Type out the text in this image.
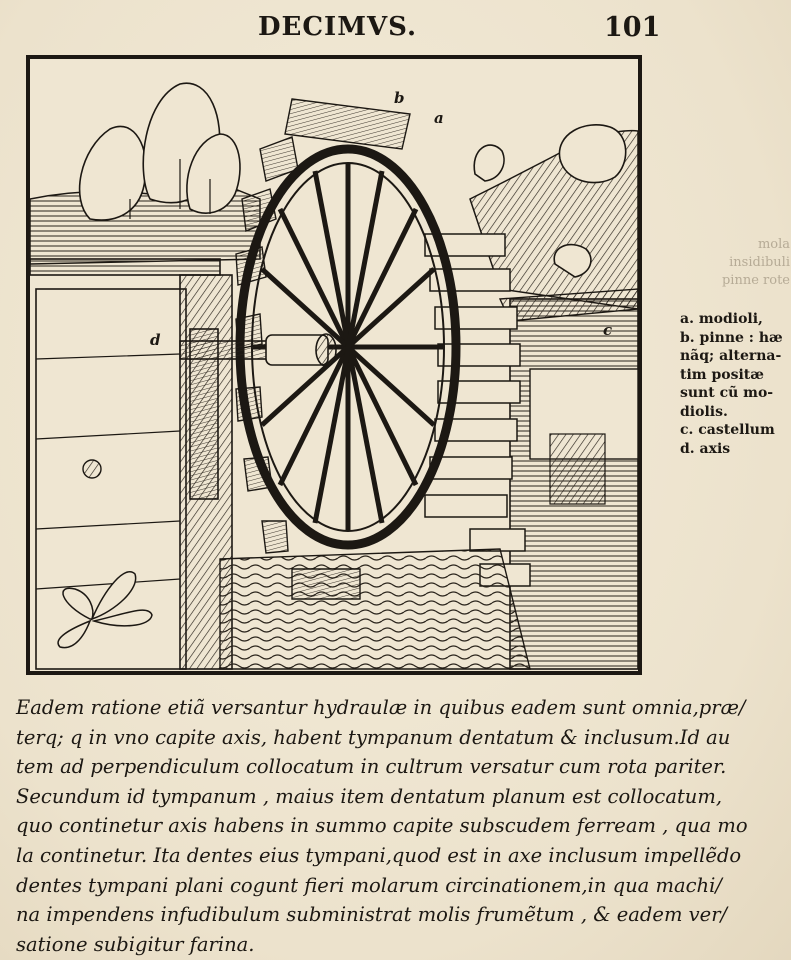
DECIMVS.	101
b
a
c
d
mola
insidibuli
pinne rote
a. modioli,
b. pinne : hæ
nãq; alterna-
tim positæ
sunt cũ mo-
diolis.
c. castellum
d. axis
Eadem ratione etiã versantur hydraulæ in quibus eadem sunt omnia,præ/
terq; q in vno capite axis, habent tympanum dentatum & inclusum.Id au
tem ad perpendiculum collocatum in cultrum versatur cum rota pariter.
Secundum id tympanum , maius item dentatum planum est collocatum,
quo continetur axis habens in summo capite subscudem ferream , qua mo
la continetur. Ita dentes eius tympani,quod est in axe inclusum impellẽdo
dentes tympani plani cogunt fieri molarum circinationem,in qua machi/
na impendens infudibulum subministrat molis frumẽtum , & eadem ver/
satione subigitur farina.
